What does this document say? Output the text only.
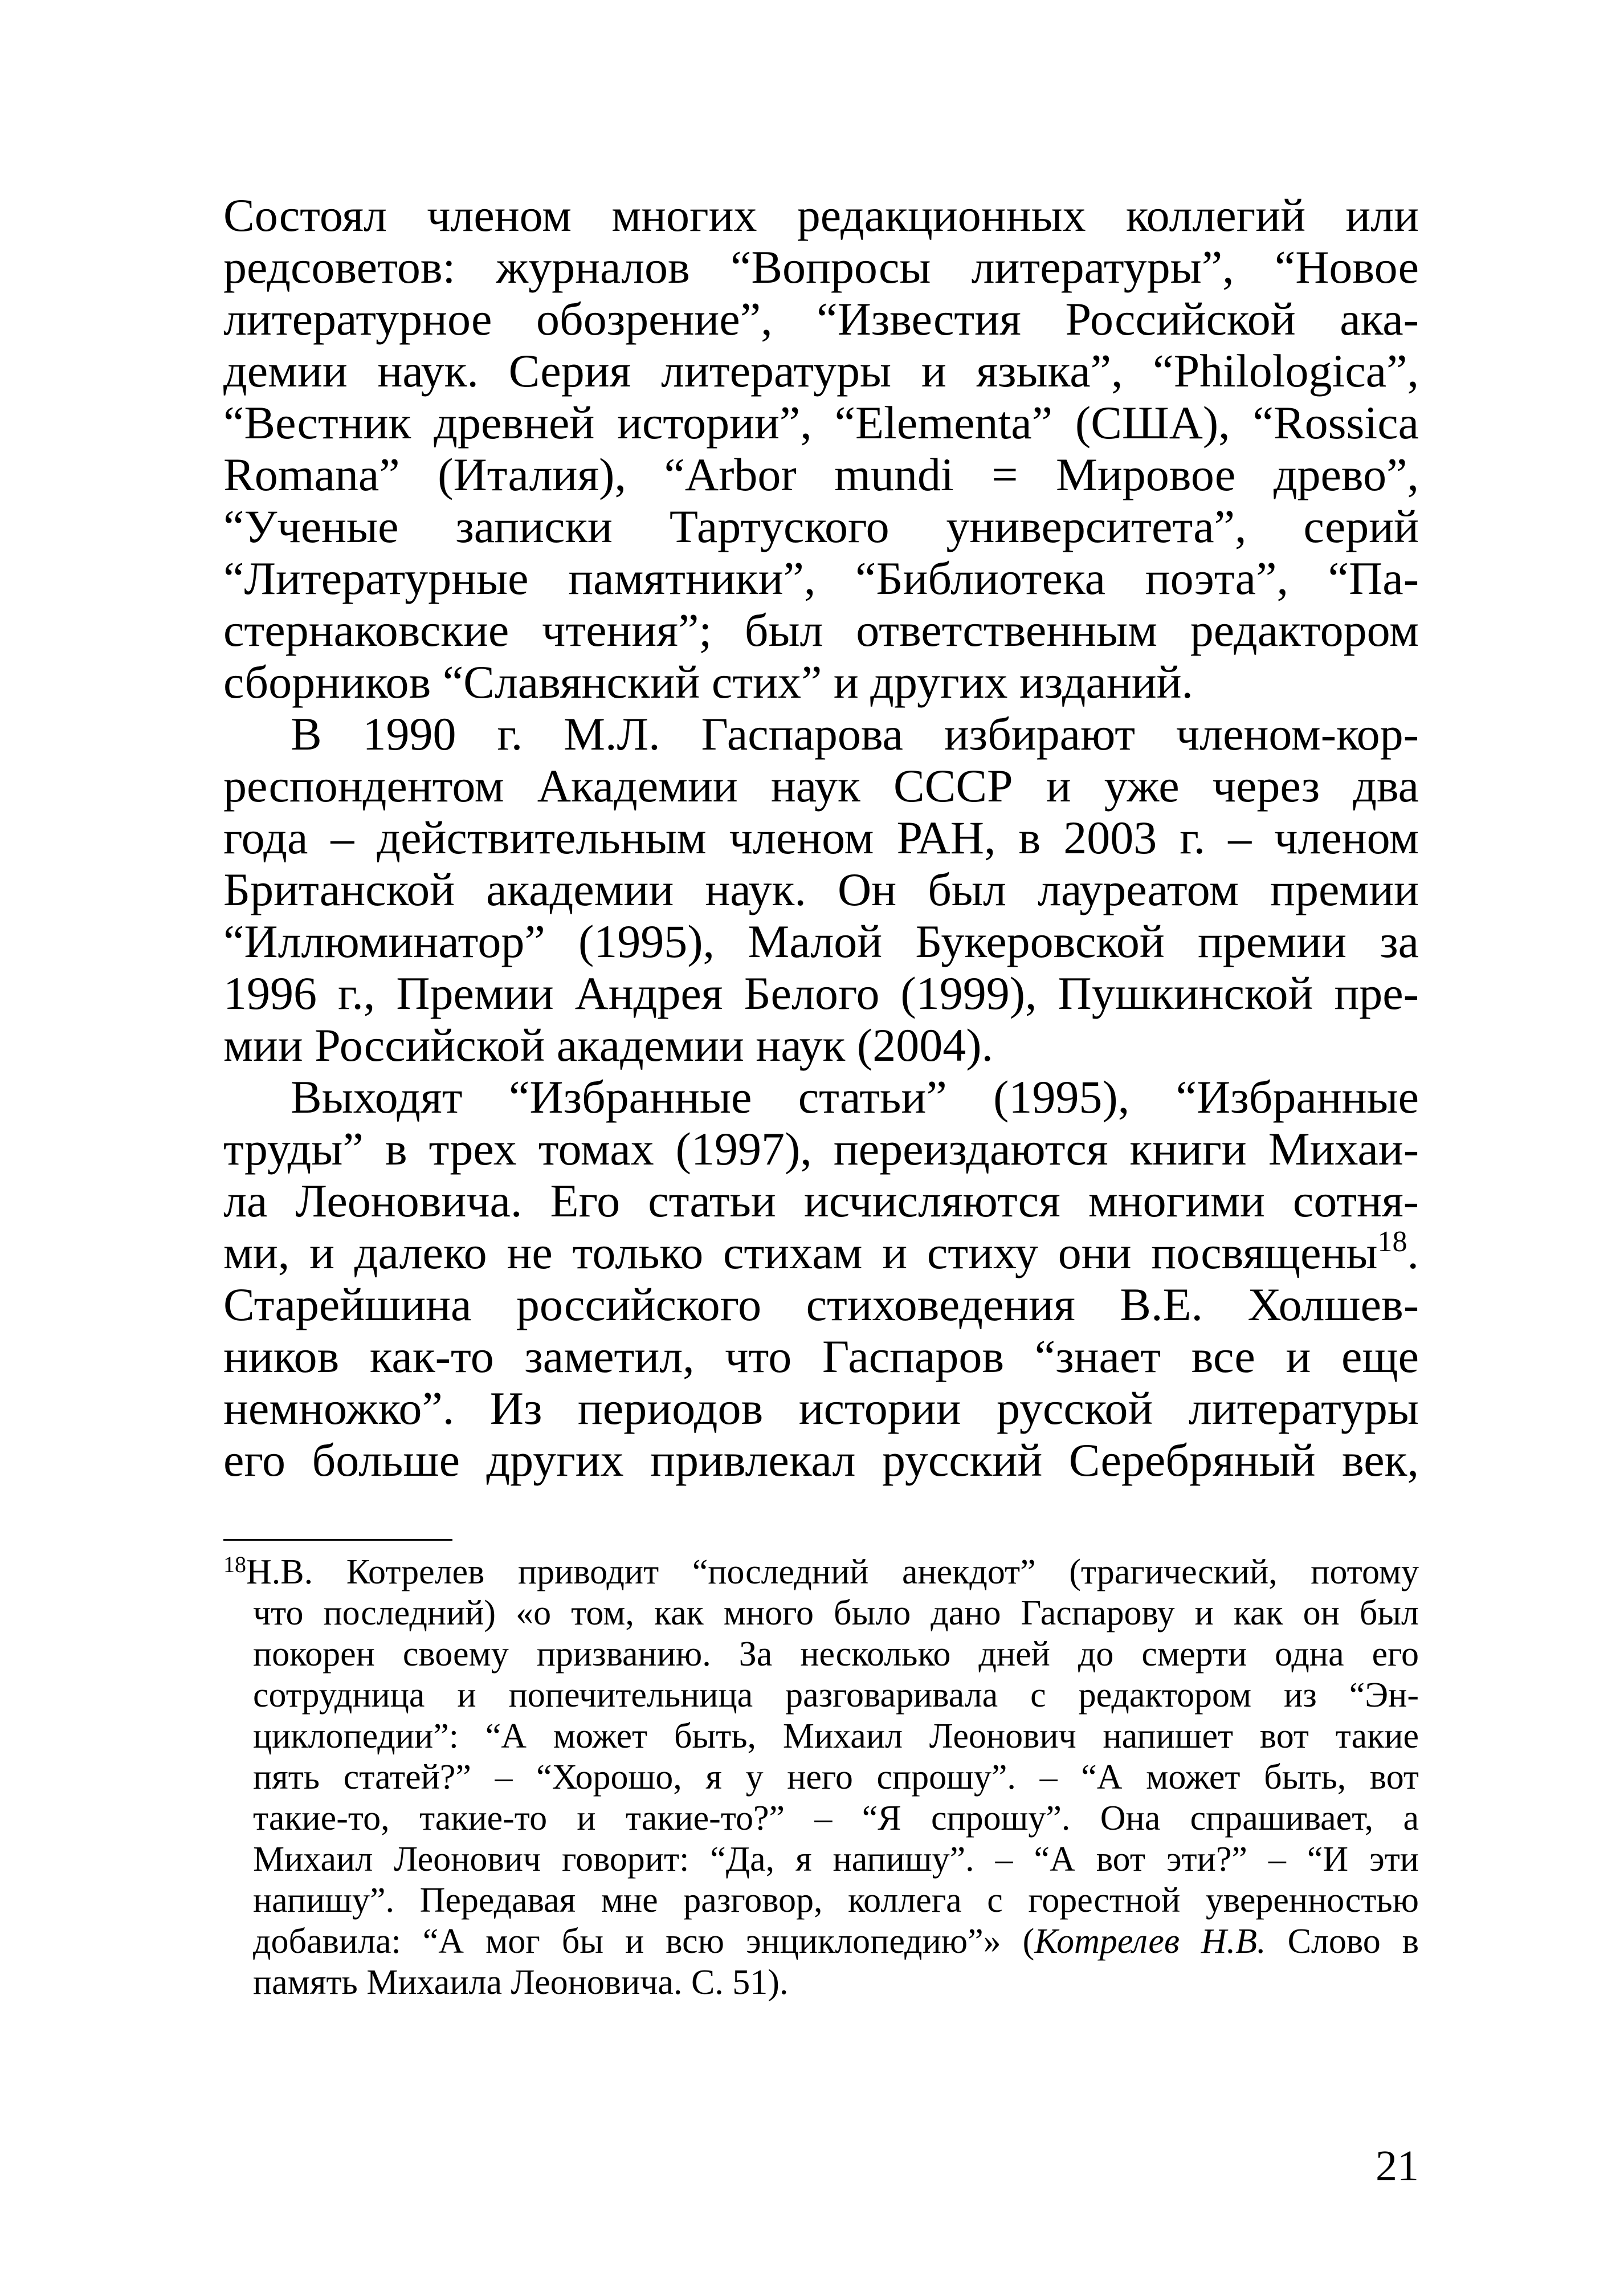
Состоял членом многих редакционных коллегий или
редсоветов: журналов “Вопросы литературы”, “Новое
литературное обозрение”, “Известия Российской ака-
демии наук. Серия литературы и языка”, “Philologica”,
“Вестник древней истории”, “Elementa” (США), “Rossica
Romana” (Италия), “Arbor mundi = Мировое древо”,
“Ученые записки Тартуского университета”, серий
“Литературные памятники”, “Библиотека поэта”, “Па-
стернаковские чтения”; был ответственным редактором
сборников “Славянский стих” и других изданий.

В 1990 г. М.Л. Гаспарова избирают членом-кор-
респондентом Академии наук СССР и уже через два
года – действительным членом РАН, в 2003 г. – членом
Британской академии наук. Он был лауреатом премии
“Иллюминатор” (1995), Малой Букеровской премии за
1996 г., Премии Андрея Белого (1999), Пушкинской пре-
мии Российской академии наук (2004).

Выходят “Избранные статьи” (1995), “Избранные
труды” в трех томах (1997), переиздаются книги Михаи-
ла Леоновича. Его статьи исчисляются многими сотня-
ми, и далеко не только стихам и стиху они посвящены$^{18}$.
Старейшина российского стиховедения В.Е. Холшев-
ников как-то заметил, что Гаспаров “знает все и еще
немножко”. Из периодов истории русской литературы
его больше других привлекал русский Серебряный век,

$^{18}$Н.В. Котрелев приводит “последний анекдот” (трагический, потому
что последний) «о том, как много было дано Гаспарову и как он был
покорен своему призванию. За несколько дней до смерти одна его
сотрудница и попечительница разговаривала с редактором из “Эн-
циклопедии”: “А может быть, Михаил Леонович напишет вот такие
пять статей?” – “Хорошо, я у него спрошу”. – “А может быть, вот
такие-то, такие-то и такие-то?” – “Я спрошу”. Она спрашивает, а
Михаил Леонович говорит: “Да, я напишу”. – “А вот эти?” – “И эти
напишу”. Передавая мне разговор, коллега с горестной уверенностью
добавила: “А мог бы и всю энциклопедию”» (Котрелев Н.В. Слово в
память Михаила Леоновича. С. 51).
21
